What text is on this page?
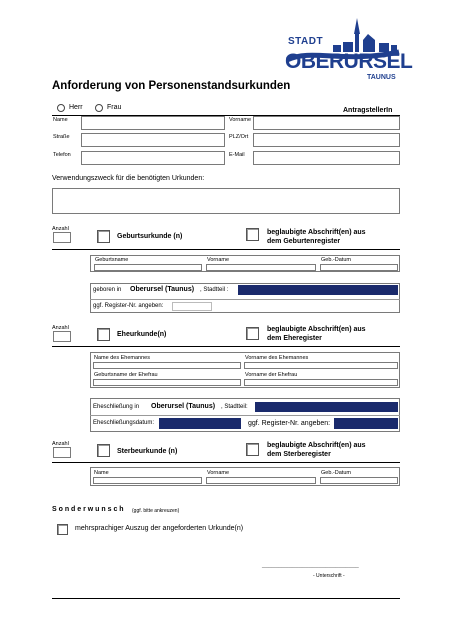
STADT
OBERURSEL
TAUNUS
Anforderung von Personenstandsurkunden
Herr	Frau	AntragstellerIn
Name	Vorname
Straße	PLZ/Ort
Telefon	E-Mail
Verwendungszweck für die benötigten Urkunden:
Anzahl
Geburtsurkunde (n)
beglaubigte Abschrift(en) aus
dem Geburtenregister
Geburtsname	Vorname	Geb.-Datum
geboren in Oberursel (Taunus) , Stadtteil :
ggf. Register-Nr. angeben:
Anzahl
Eheurkunde(n)
beglaubigte Abschrift(en) aus
dem Eheregister
Name des Ehemannes	Vorname des Ehemannes
Geburtsname der Ehefrau	Vorname der Ehefrau
Eheschließung in Oberursel (Taunus) , Stadtteil:
Eheschließungsdatum:	ggf. Register-Nr. angeben:
Anzahl
Sterbeurkunde (n)
beglaubigte Abschrift(en) aus
dem Sterberegister
Name	Vorname	Geb.-Datum
S o n d e r w u n s c h (ggf. bitte ankreuzen)
mehrsprachiger Auszug der angeforderten Urkunde(n)
_____________________________
- Unterschrift -
